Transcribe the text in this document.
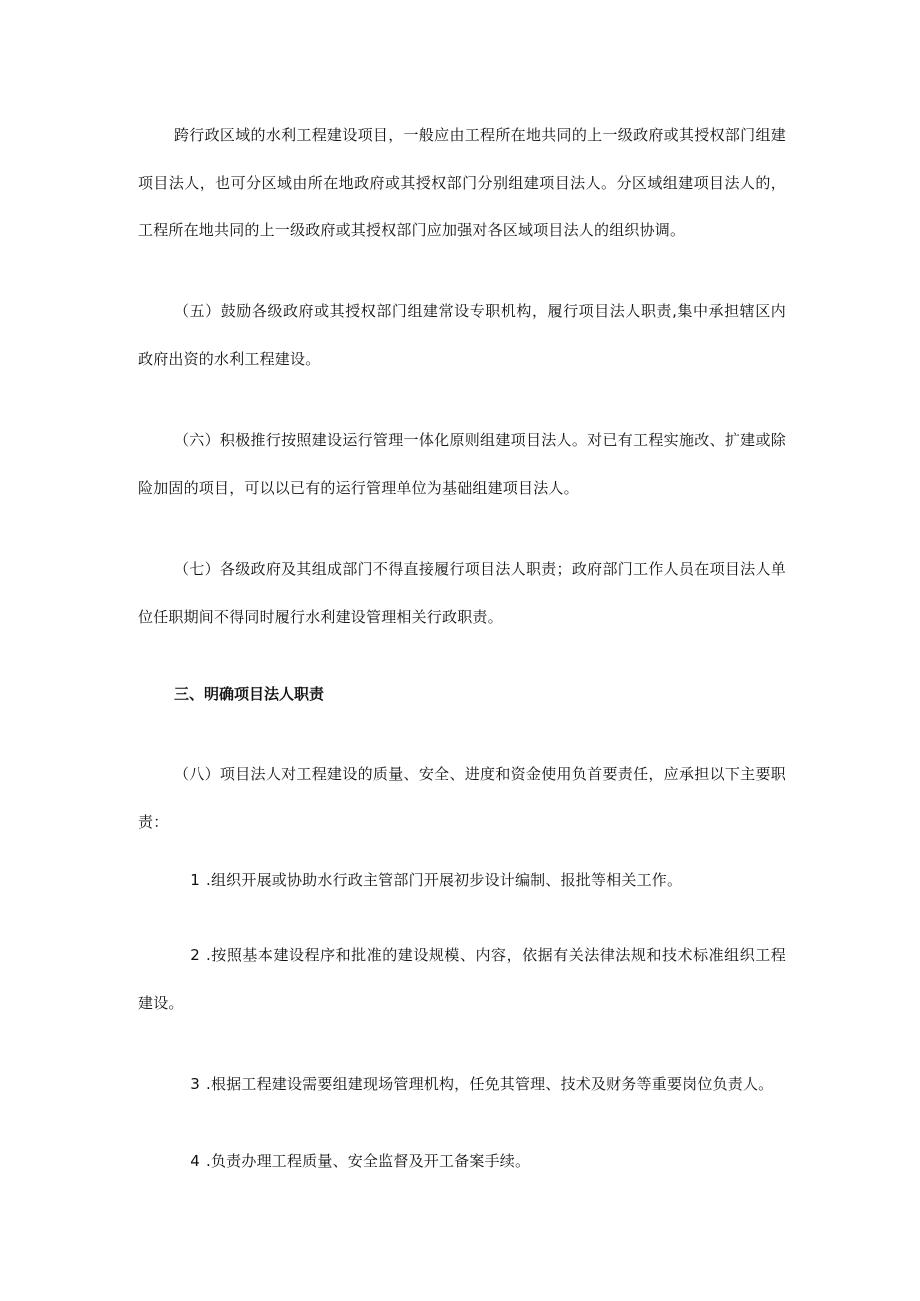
跨行政区域的水利工程建设项目，一般应由工程所在地共同的上一级政府或其授权部门组建项目法人，也可分区域由所在地政府或其授权部门分别组建项目法人。分区域组建项目法人的，工程所在地共同的上一级政府或其授权部门应加强对各区域项目法人的组织协调。

（五）鼓励各级政府或其授权部门组建常设专职机构，履行项目法人职责,集中承担辖区内政府出资的水利工程建设。

（六）积极推行按照建设运行管理一体化原则组建项目法人。对已有工程实施改、扩建或除险加固的项目，可以以已有的运行管理单位为基础组建项目法人。

（七）各级政府及其组成部门不得直接履行项目法人职责；政府部门工作人员在项目法人单位任职期间不得同时履行水利建设管理相关行政职责。

三、明确项目法人职责

（八）项目法人对工程建设的质量、安全、进度和资金使用负首要责任，应承担以下主要职责：

1 .组织开展或协助水行政主管部门开展初步设计编制、报批等相关工作。

2 .按照基本建设程序和批准的建设规模、内容，依据有关法律法规和技术标准组织工程建设。

3 .根据工程建设需要组建现场管理机构，任免其管理、技术及财务等重要岗位负责人。

4 .负责办理工程质量、安全监督及开工备案手续。
